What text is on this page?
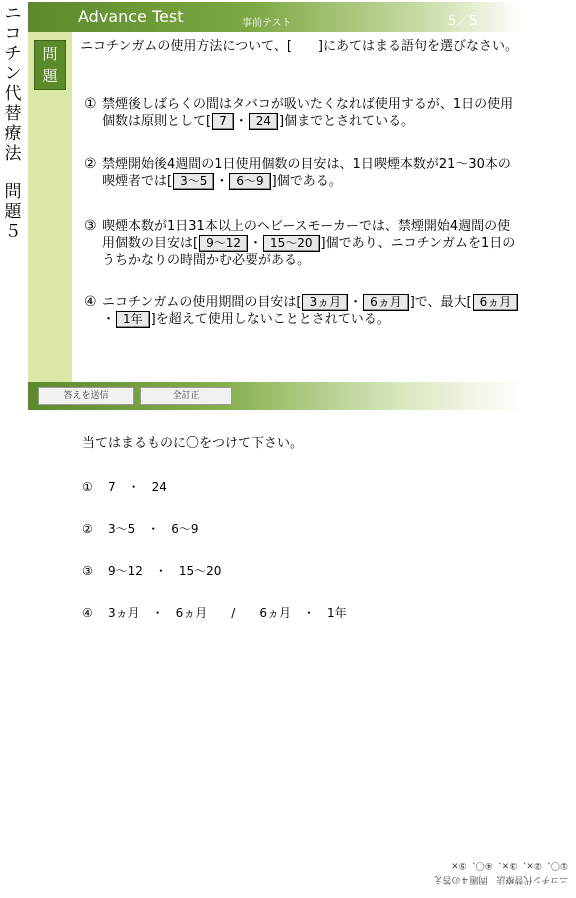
ニコチン代替療法
問題５
Advance Test	事前テスト	5／5
問題
ニコチンガムの使用方法について、[　　]にあてはまる語句を選びなさい。
① 禁煙後しばらくの間はタバコが吸いたくなれば使用するが、1日の使用個数は原則として[ 7 ・ 24 ]個までとされている。
② 禁煙開始後4週間の1日使用個数の目安は、1日喫煙本数が21～30本の喫煙者では[ 3～5 ・ 6～9 ]個である。
③ 喫煙本数が1日31本以上のヘビースモーカーでは、禁煙開始4週間の使用個数の目安は[ 9～12 ・ 15～20 ]個であり、ニコチンガムを1日のうちかなりの時間かむ必要がある。
④ ニコチンガムの使用期間の目安は[ 3ヵ月 ・ 6ヵ月 ]で、最大[ 6ヵ月・ 1年 ]を超えて使用しないこととされている。
答えを送信	全訂正
当てはまるものに〇をつけて下さい。
① 7　・　24
② 3～5　・　6～9
③ 9～12　・　15～20
④ 3ヵ月　・　6ヵ月　　/　　6ヵ月　・　1年
ニコチン代替療法　問題４の答え
①〇、②×、③×、④〇、⑤×
